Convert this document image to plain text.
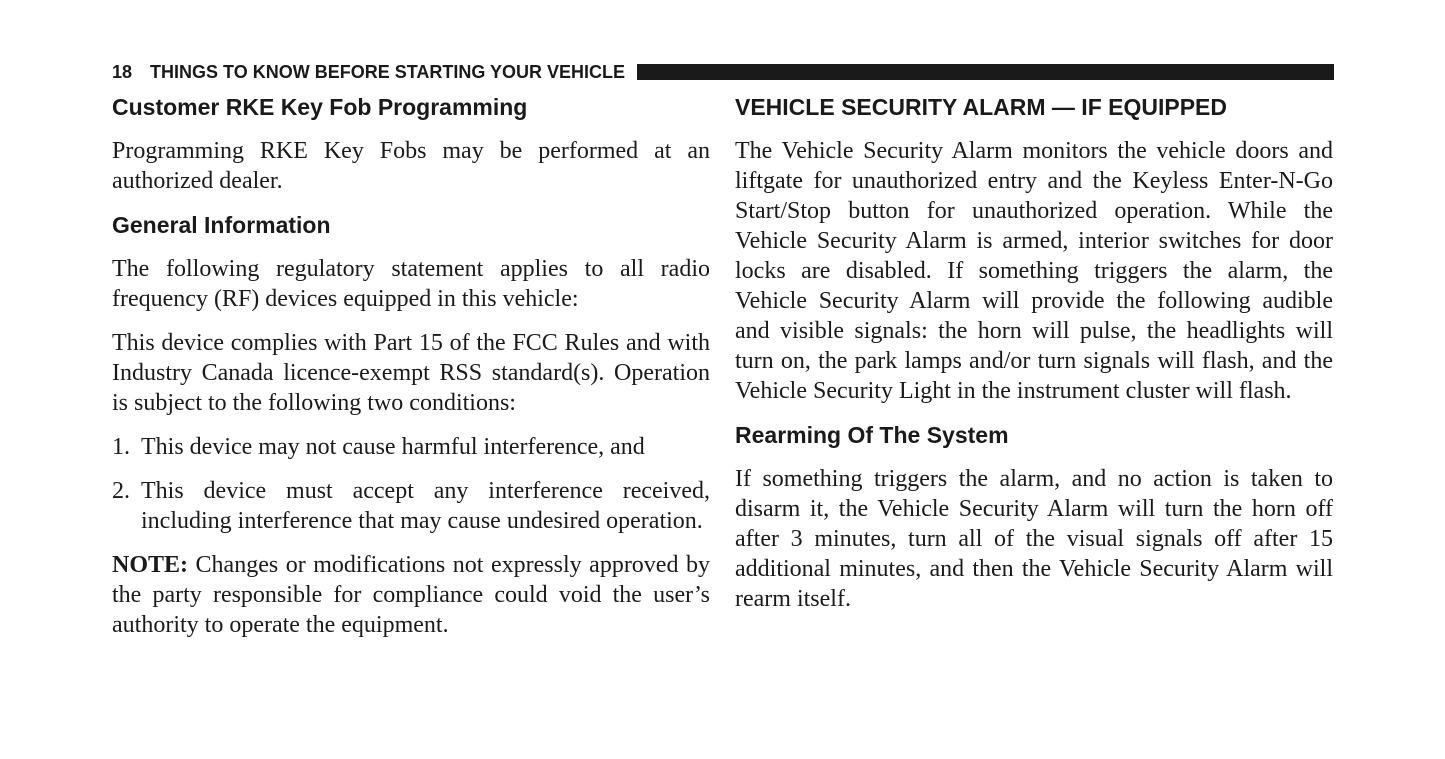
18 THINGS TO KNOW BEFORE STARTING YOUR VEHICLE
Customer RKE Key Fob Programming

Programming RKE Key Fobs may be performed at an authorized dealer.

General Information

The following regulatory statement applies to all radio frequency (RF) devices equipped in this vehicle:

This device complies with Part 15 of the FCC Rules and with Industry Canada licence-exempt RSS standard(s). Operation is subject to the following two conditions:

1. This device may not cause harmful interference, and
2. This device must accept any interference received, including interference that may cause undesired operation.

NOTE: Changes or modifications not expressly approved by the party responsible for compliance could void the user’s authority to operate the equipment.

VEHICLE SECURITY ALARM — IF EQUIPPED

The Vehicle Security Alarm monitors the vehicle doors and liftgate for unauthorized entry and the Keyless Enter-N-Go Start/Stop button for unauthorized operation. While the Vehicle Security Alarm is armed, interior switches for door locks are disabled. If something triggers the alarm, the Vehicle Security Alarm will provide the following audible and visible signals: the horn will pulse, the headlights will turn on, the park lamps and/or turn signals will flash, and the Vehicle Security Light in the instrument cluster will flash.

Rearming Of The System

If something triggers the alarm, and no action is taken to disarm it, the Vehicle Security Alarm will turn the horn off after 3 minutes, turn all of the visual signals off after 15 additional minutes, and then the Vehicle Security Alarm will rearm itself.
